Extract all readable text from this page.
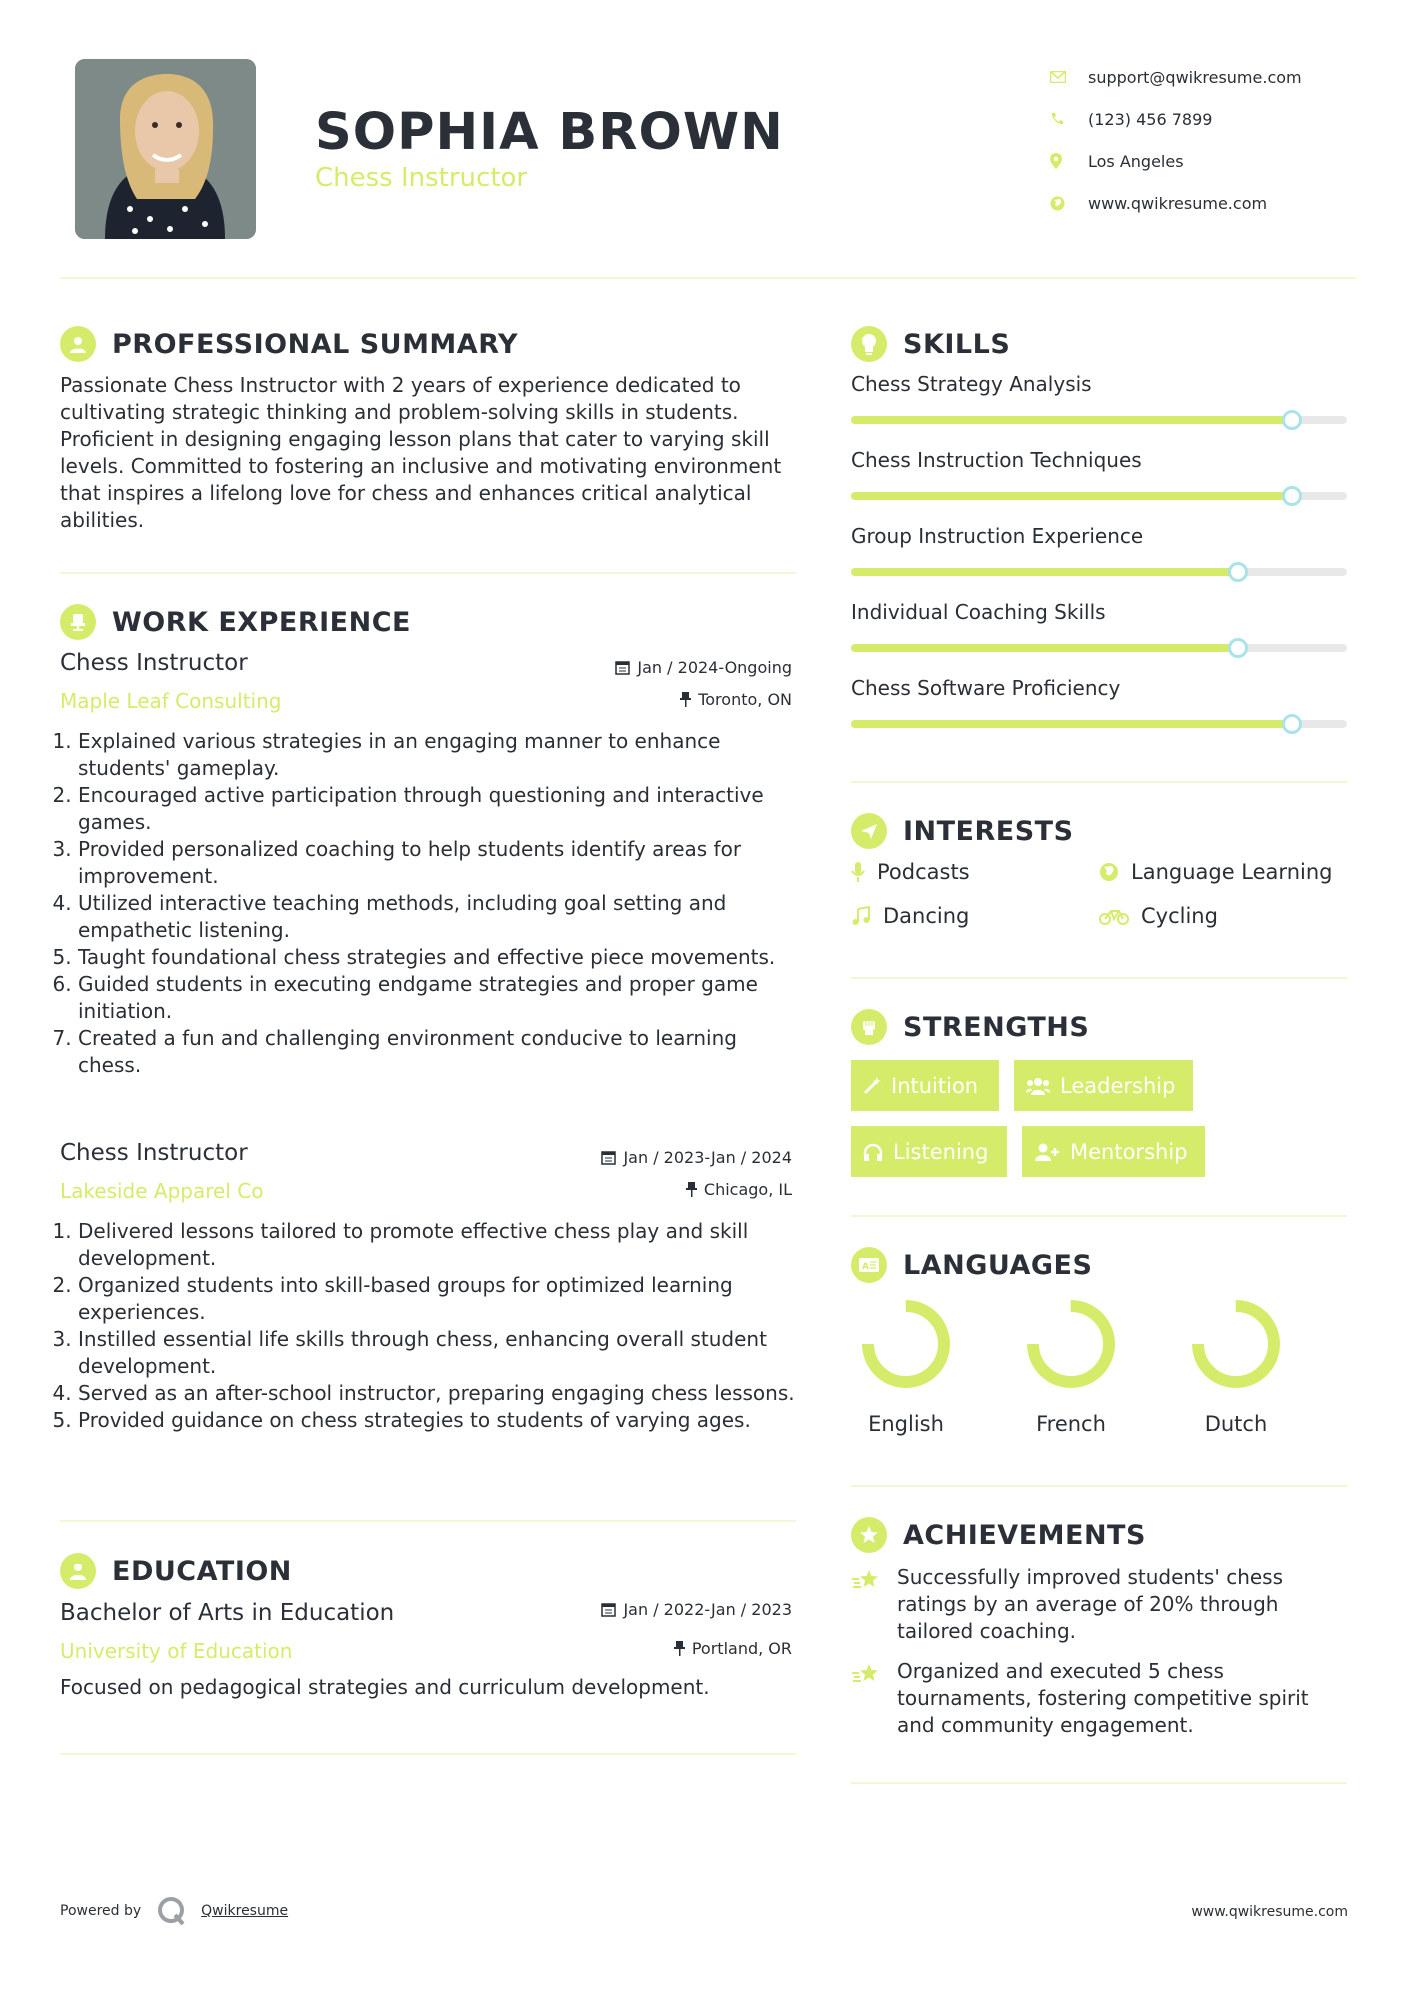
SOPHIA BROWN
Chess Instructor
support@qwikresume.com
(123) 456 7899
Los Angeles
www.qwikresume.com
PROFESSIONAL SUMMARY
Passionate Chess Instructor with 2 years of experience dedicated to cultivating strategic thinking and problem-solving skills in students. Proficient in designing engaging lesson plans that cater to varying skill levels. Committed to fostering an inclusive and motivating environment that inspires a lifelong love for chess and enhances critical analytical abilities.
WORK EXPERIENCE
Chess Instructor	Jan / 2024-Ongoing
Maple Leaf Consulting	Toronto, ON
1. Explained various strategies in an engaging manner to enhance students' gameplay.
2. Encouraged active participation through questioning and interactive games.
3. Provided personalized coaching to help students identify areas for improvement.
4. Utilized interactive teaching methods, including goal setting and empathetic listening.
5. Taught foundational chess strategies and effective piece movements.
6. Guided students in executing endgame strategies and proper game initiation.
7. Created a fun and challenging environment conducive to learning chess.
Chess Instructor	Jan / 2023-Jan / 2024
Lakeside Apparel Co	Chicago, IL
1. Delivered lessons tailored to promote effective chess play and skill development.
2. Organized students into skill-based groups for optimized learning experiences.
3. Instilled essential life skills through chess, enhancing overall student development.
4. Served as an after-school instructor, preparing engaging chess lessons.
5. Provided guidance on chess strategies to students of varying ages.
EDUCATION
Bachelor of Arts in Education	Jan / 2022-Jan / 2023
University of Education	Portland, OR
Focused on pedagogical strategies and curriculum development.
SKILLS
Chess Strategy Analysis
Chess Instruction Techniques
Group Instruction Experience
Individual Coaching Skills
Chess Software Proficiency
INTERESTS
Podcasts	Language Learning
Dancing	Cycling
STRENGTHS
Intuition	Leadership
Listening	Mentorship
A LANGUAGES
English	French	Dutch
ACHIEVEMENTS
Successfully improved students' chess ratings by an average of 20% through tailored coaching.
Organized and executed 5 chess tournaments, fostering competitive spirit and community engagement.
Powered by	Qwikresume	www.qwikresume.com
